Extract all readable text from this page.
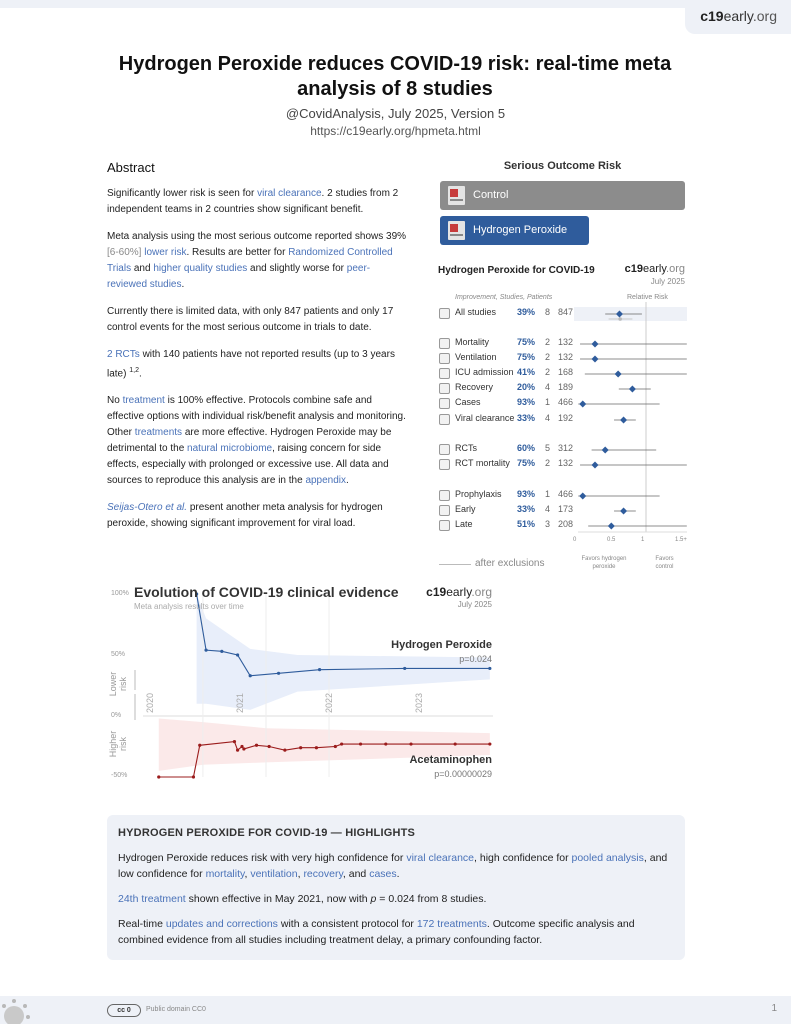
c19early.org
Hydrogen Peroxide reduces COVID-19 risk: real-time meta analysis of 8 studies
@CovidAnalysis, July 2025, Version 5
https://c19early.org/hpmeta.html
Abstract

Significantly lower risk is seen for viral clearance. 2 studies from 2 independent teams in 2 countries show significant benefit.

Meta analysis using the most serious outcome reported shows 39% [6-60%] lower risk. Results are better for Randomized Controlled Trials and higher quality studies and slightly worse for peer-reviewed studies.

Currently there is limited data, with only 847 patients and only 17 control events for the most serious outcome in trials to date.

2 RCTs with 140 patients have not reported results (up to 3 years late) $^{1,2}$.

No treatment is 100% effective. Protocols combine safe and effective options with individual risk/benefit analysis and monitoring. Other treatments are more effective. Hydrogen Peroxide may be detrimental to the natural microbiome, raising concern for side effects, especially with prolonged or excessive use. All data and sources to reproduce this analysis are in the appendix.

Seijas-Otero et al. present another meta analysis for hydrogen peroxide, showing significant improvement for viral load.

Serious Outcome Risk
Control
Hydrogen Peroxide
Hydrogen Peroxide for COVID-19	c19early.org
July 2025
Improvement, Studies, Patients	Relative Risk
All studies 39% 8 847
Mortality	75% 2 132
Ventilation 75% 2 132
ICU admission 41% 2 168
Recovery	20% 4 189
Cases	93% 1 466
Viral clearance 33% 4 192
RCTs	60% 5 312
RCT mortality 75% 2 132
Prophylaxis 93% 1 466
Early	33% 4 173
Late	51% 3 208
0	0.5	1	1.5+
Favors hydrogen peroxide
Favors control
after exclusions
Evolution of COVID-19 clinical evidence
Meta analysis results over time
c19early.org
July 2025
100%
50%
0%
-50%
Lower risk
Higher risk
2020	2021	2022	2023
Hydrogen Peroxide
p=0.024
Acetaminophen
p=0.00000029
HYDROGEN PEROXIDE FOR COVID-19 — HIGHLIGHTS

Hydrogen Peroxide reduces risk with very high confidence for viral clearance, high confidence for pooled analysis, and low confidence for mortality, ventilation, recovery, and cases.

24th treatment shown effective in May 2021, now with p = 0.024 from 8 studies.

Real-time updates and corrections with a consistent protocol for 172 treatments. Outcome specific analysis and combined evidence from all studies including treatment delay, a primary confounding factor.

cc 0	Public domain CC0	1
